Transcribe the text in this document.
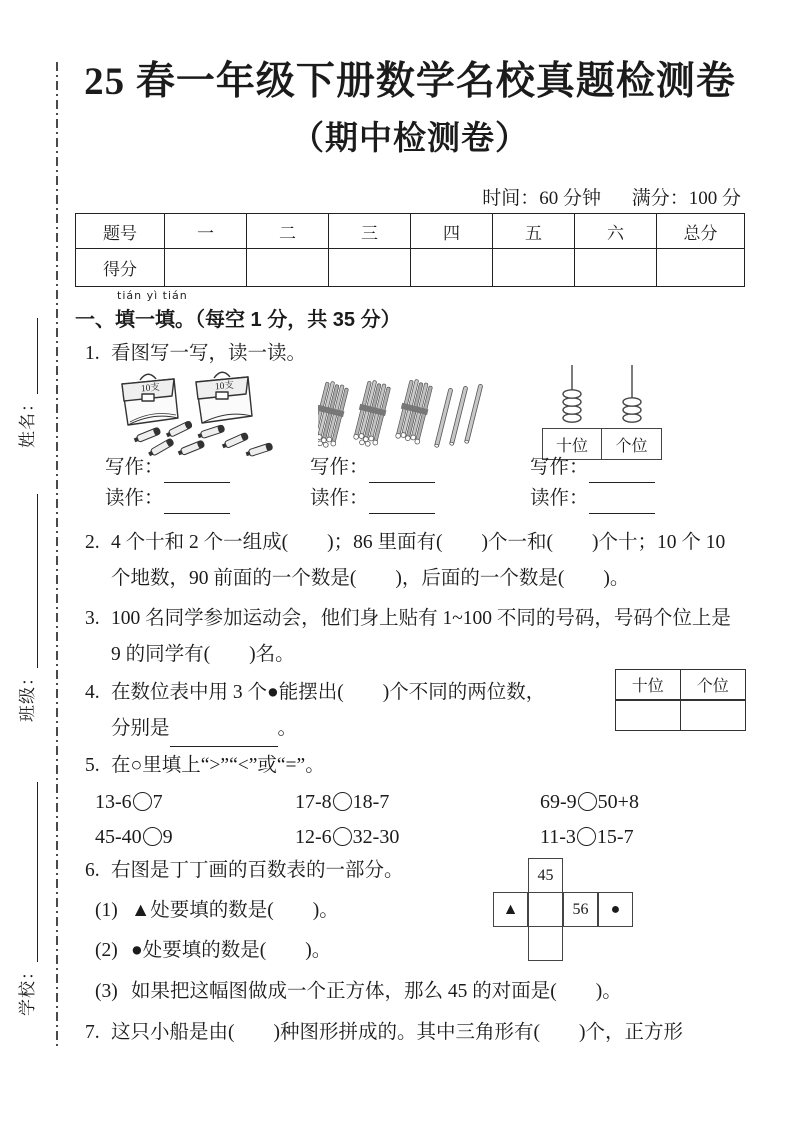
姓名：
班级：
学校：
25 春一年级下册数学名校真题检测卷
（期中检测卷）
时间：60 分钟 满分：100 分
题号	一	二	三	四	五	六	总分
得分							
一、
tián yì tián
填一填。（每空 1 分，共 35 分）
1. 看图写一写，读一读。
10支	10支
十位	个位
写作：
读作：
写作：
读作：
写作：
读作：
2. 4 个十和 2 个一组成(　　)；86 里面有(　　)个一和(　　)个十；10 个 10 个地数，90 前面的一个数是(　　)，后面的一个数是(　　)。
3. 100 名同学参加运动会，他们身上贴有 1~100 不同的号码，号码个位上是 9 的同学有(　　)名。
4. 在数位表中用 3 个●能摆出(　　)个不同的两位数，
分别是	。
十位	个位
5. 在○里填上“>”“<”或“=”。
13-6 7	17-8 18-7	69-9 50+8
45-40 9	12-6 32-30	11-3 15-7
6. 右图是丁丁画的百数表的一部分。
(1) ▲处要填的数是(　　)。
(2) ●处要填的数是(　　)。
(3) 如果把这幅图做成一个正方体，那么 45 的对面是(　　)。
45
▲	56	●
7. 这只小船是由(　　)种图形拼成的。其中三角形有(　　)个，正方形
